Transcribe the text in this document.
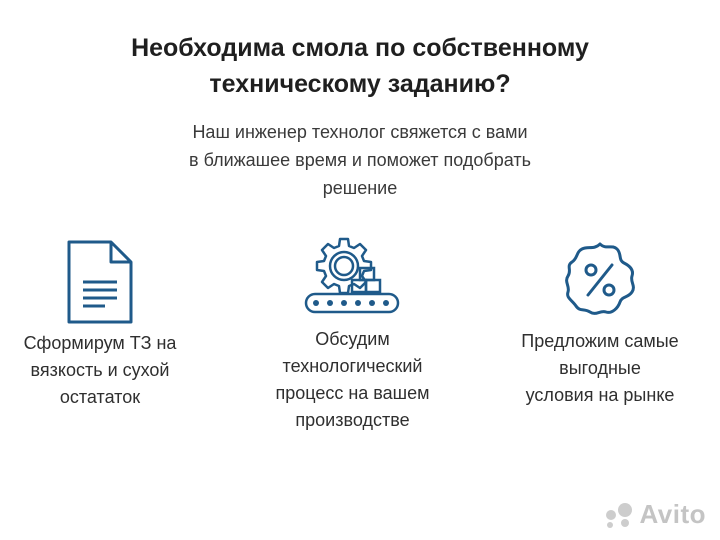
Необходима смола по собственному
техническому заданию?
Наш инженер технолог свяжется с вами
в ближашее время и поможет подобрать
решение
Сформирум ТЗ на
вязкость и сухой
остататок
Обсудим
технологический
процесс на вашем
производстве
Предложим самые
выгодные
условия на рынке
Avito
